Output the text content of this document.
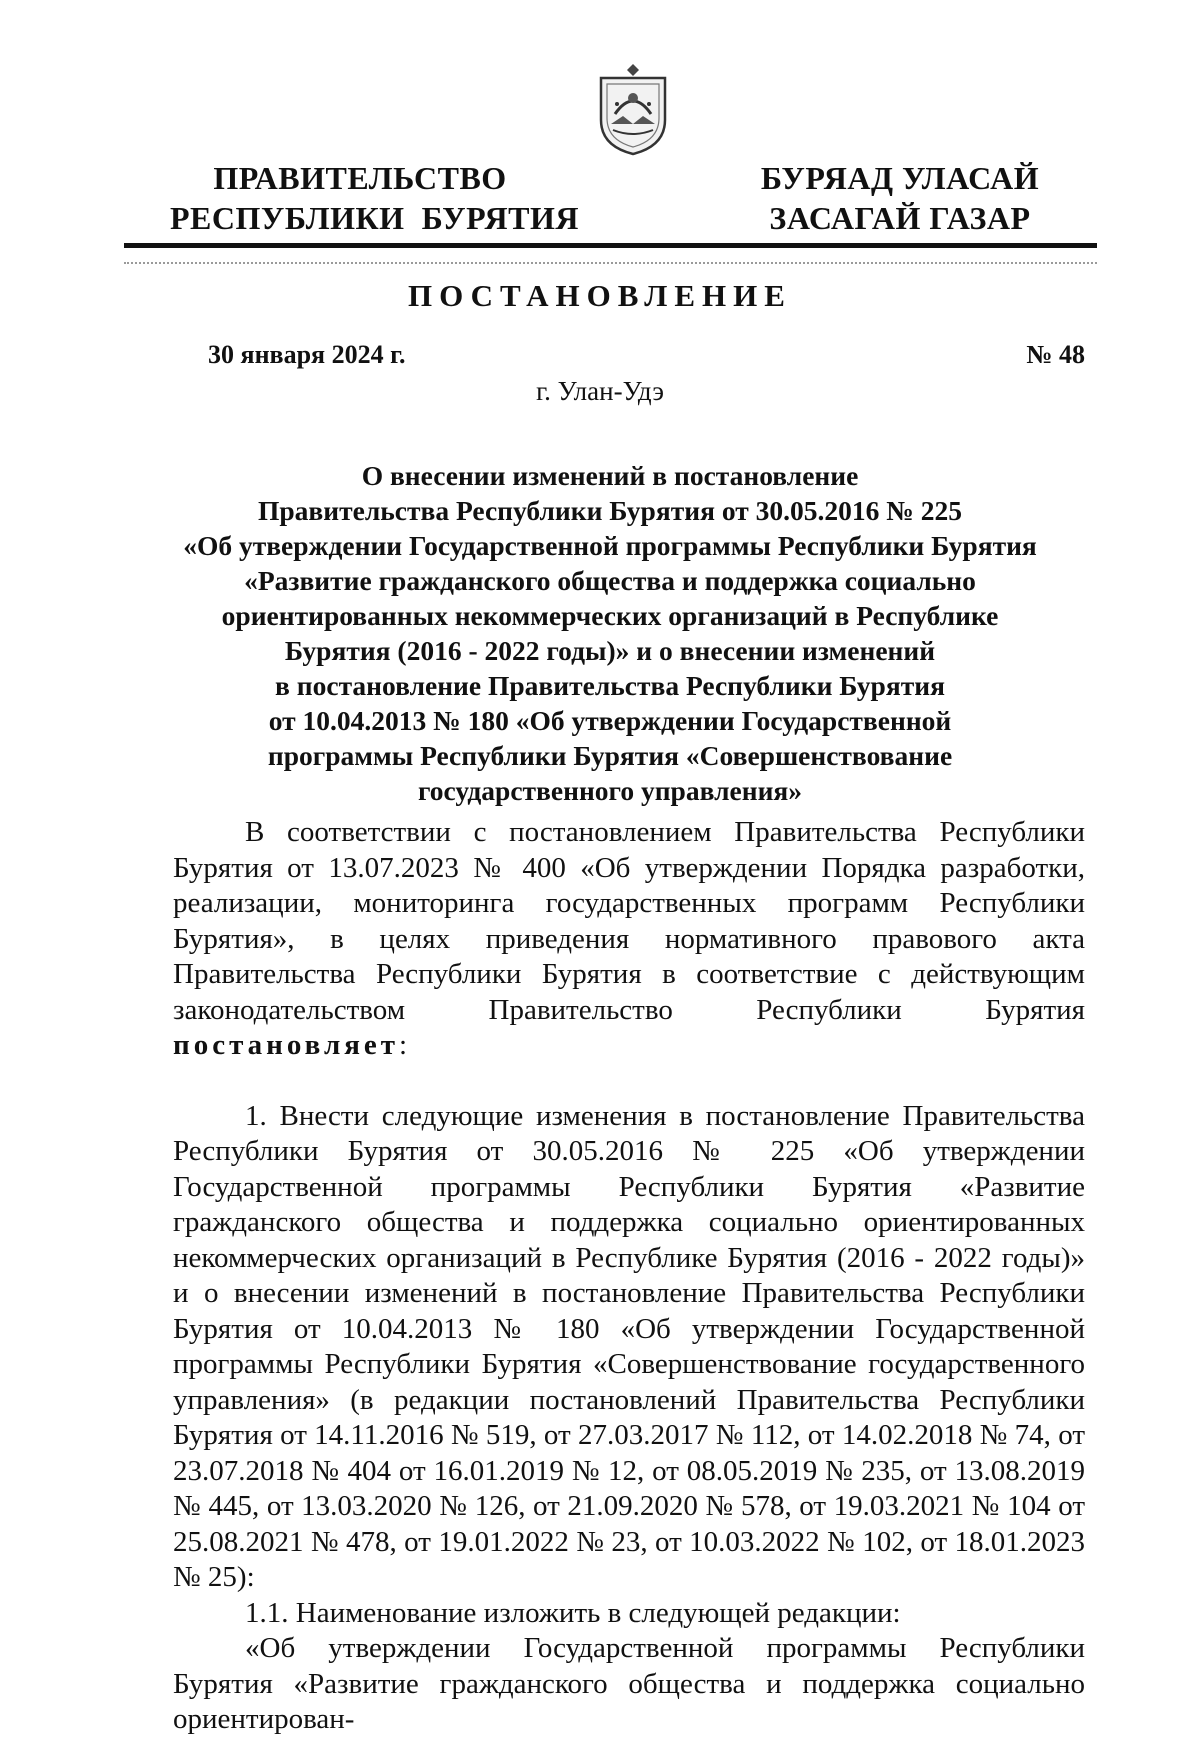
ПРАВИТЕЛЬСТВО
РЕСПУБЛИКИ  БУРЯТИЯ
БУРЯАД УЛАСАЙ
ЗАСАГАЙ ГАЗАР
ПОСТАНОВЛЕНИЕ
30 января 2024 г.	№ 48
г. Улан-Удэ
О внесении изменений в постановление
Правительства Республики Бурятия от 30.05.2016 № 225
«Об утверждении Государственной программы Республики Бурятия
«Развитие гражданского общества и поддержка социально
ориентированных некоммерческих организаций в Республике
Бурятия (2016 - 2022 годы)» и о внесении изменений
в постановление Правительства Республики Бурятия
от 10.04.2013 № 180 «Об утверждении Государственной
программы Республики Бурятия «Совершенствование
государственного управления»

В соответствии с постановлением Правительства Республики Бурятия от 13.07.2023 № 400 «Об утверждении Порядка разработки, реализации, мониторинга государственных программ Республики Бурятия», в целях приведения нормативного правового акта Правительства Республики Бурятия в соответствие с действующим законодательством Правительство Республики Бурятия постановляет:

1. Внести следующие изменения в постановление Правительства Республики Бурятия от 30.05.2016 № 225 «Об утверждении Государственной программы Республики Бурятия «Развитие гражданского общества и поддержка социально ориентированных некоммерческих организаций в Республике Бурятия (2016 - 2022 годы)» и о внесении изменений в постановление Правительства Республики Бурятия от 10.04.2013 № 180 «Об утверждении Государственной программы Республики Бурятия «Совершенствование государственного управления» (в редакции постановлений Правительства Республики Бурятия от 14.11.2016 № 519, от 27.03.2017 № 112, от 14.02.2018 № 74, от 23.07.2018 № 404 от 16.01.2019 № 12, от 08.05.2019 № 235, от 13.08.2019 № 445, от 13.03.2020 № 126, от 21.09.2020 № 578, от 19.03.2021 № 104 от 25.08.2021 № 478, от 19.01.2022 № 23, от 10.03.2022 № 102, от 18.01.2023 № 25):

1.1. Наименование изложить в следующей редакции:

«Об утверждении Государственной программы Республики Бурятия «Развитие гражданского общества и поддержка социально ориентирован-
